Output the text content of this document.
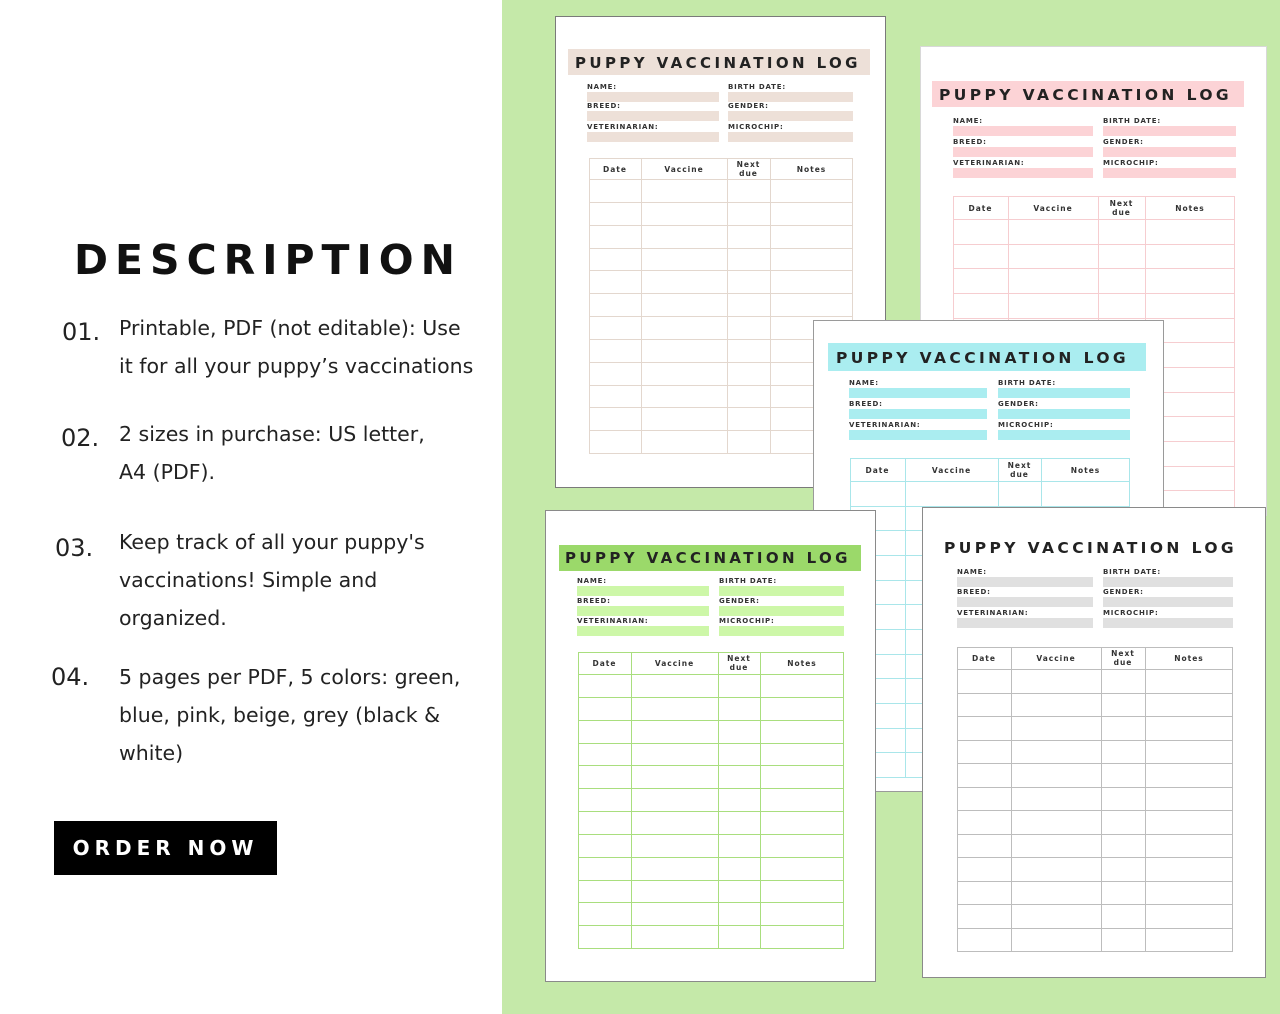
DESCRIPTION
01. Printable, PDF (not editable): Use
it for all your puppy’s vaccinations
02. 2 sizes in purchase: US letter,
A4 (PDF).
03. Keep track of all your puppy's
vaccinations! Simple and
organized.
04. 5 pages per PDF, 5 colors: green,
blue, pink, beige, grey (black &
white)
ORDER NOW
PUPPY VACCINATION LOG
NAME:	BIRTH DATE:
BREED:	GENDER:
VETERINARIAN:	MICROCHIP:
Date	Vaccine
Next
due	Notes
PUPPY VACCINATION LOG
NAME:	BIRTH DATE:
BREED:	GENDER:
VETERINARIAN:	MICROCHIP:
Date	Vaccine
Next
due	Notes
PUPPY VACCINATION LOG
NAME:	BIRTH DATE:
BREED:	GENDER:
VETERINARIAN:	MICROCHIP:
Date	Vaccine
Next
due	Notes
PUPPY VACCINATION LOG
NAME:	BIRTH DATE:
BREED:	GENDER:
VETERINARIAN:	MICROCHIP:
Date	Vaccine
Next
due	Notes
PUPPY VACCINATION LOG
NAME:	BIRTH DATE:
BREED:	GENDER:
VETERINARIAN:	MICROCHIP:
Date	Vaccine
Next
due	Notes
